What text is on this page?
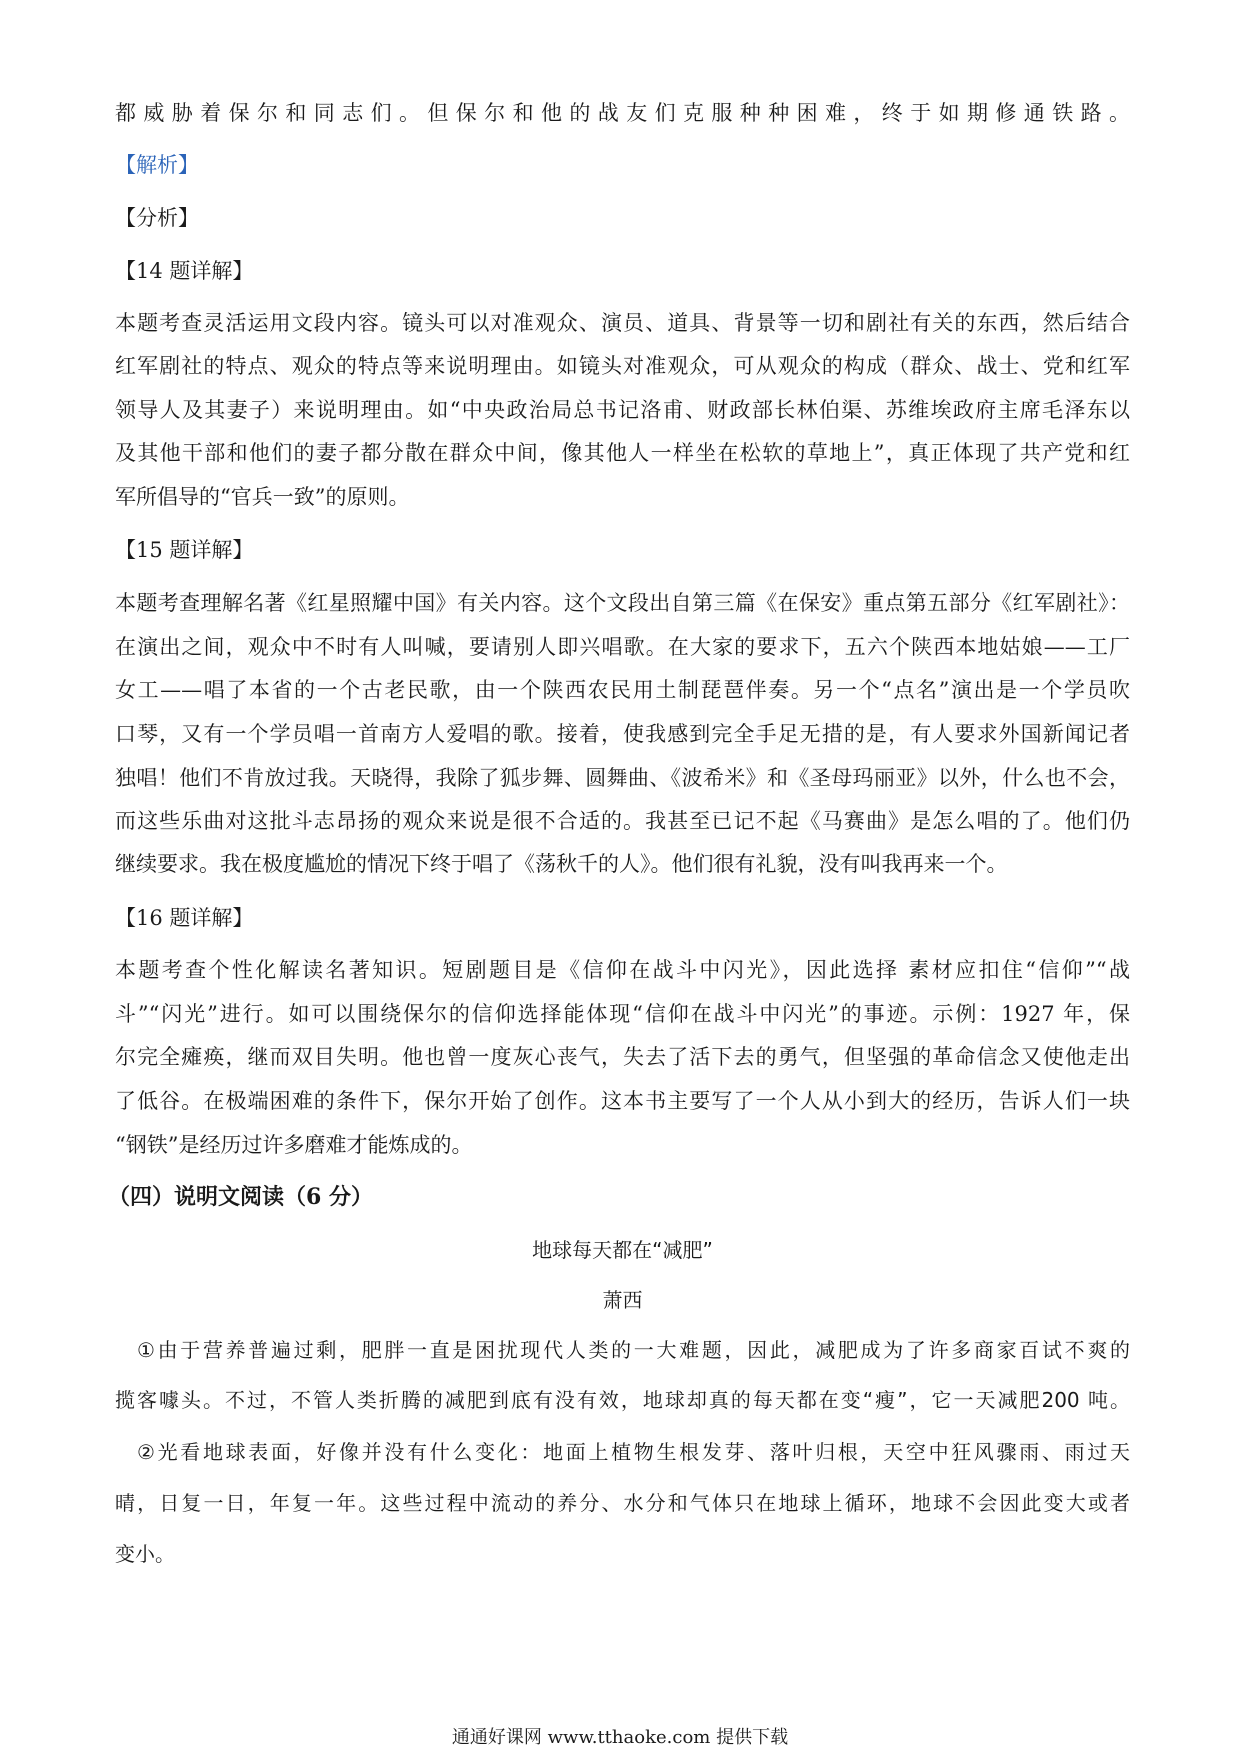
都威胁着保尔和同志们。但保尔和他的战友们克服种种困难，终于如期修通铁路。

【解析】

【分析】

【14 题详解】

本题考查灵活运用文段内容。镜头可以对准观众、演员、道具、背景等一切和剧社有关的东西，然后结合

红军剧社的特点、观众的特点等来说明理由。如镜头对准观众，可从观众的构成（群众、战士、党和红军

领导人及其妻子）来说明理由。如“中央政治局总书记洛甫、财政部长林伯渠、苏维埃政府主席毛泽东以

及其他干部和他们的妻子都分散在群众中间，像其他人一样坐在松软的草地上”，真正体现了共产党和红

军所倡导的“官兵一致”的原则。

【15 题详解】

本题考查理解名著《红星照耀中国》有关内容。这个文段出自第三篇《在保安》重点第五部分《红军剧社》：

在演出之间，观众中不时有人叫喊，要请别人即兴唱歌。在大家的要求下，五六个陕西本地姑娘——工厂

女工——唱了本省的一个古老民歌，由一个陕西农民用土制琵琶伴奏。另一个“点名”演出是一个学员吹

口琴，又有一个学员唱一首南方人爱唱的歌。接着，使我感到完全手足无措的是，有人要求外国新闻记者

独唱！他们不肯放过我。天晓得，我除了狐步舞、圆舞曲、《波希米》和《圣母玛丽亚》以外，什么也不会，

而这些乐曲对这批斗志昂扬的观众来说是很不合适的。我甚至已记不起《马赛曲》是怎么唱的了。他们仍

继续要求。我在极度尴尬的情况下终于唱了《荡秋千的人》。他们很有礼貌，没有叫我再来一个。

【16 题详解】

本题考查个性化解读名著知识。短剧题目是《信仰在战斗中闪光》，因此选择 素材应扣住“信仰”“战

斗”“闪光”进行。如可以围绕保尔的信仰选择能体现“信仰在战斗中闪光”的事迹。示例：1927 年，保

尔完全瘫痪，继而双目失明。他也曾一度灰心丧气，失去了活下去的勇气，但坚强的革命信念又使他走出

了低谷。在极端困难的条件下，保尔开始了创作。这本书主要写了一个人从小到大的经历，告诉人们一块

“钢铁”是经历过许多磨难才能炼成的。

（四）说明文阅读（6 分）

地球每天都在“减肥”

萧西

①由于营养普遍过剩，肥胖一直是困扰现代人类的一大难题，因此，减肥成为了许多商家百试不爽的

揽客噱头。不过，不管人类折腾的减肥到底有没有效，地球却真的每天都在变“瘦”，它一天减肥200 吨。

②光看地球表面，好像并没有什么变化：地面上植物生根发芽、落叶归根，天空中狂风骤雨、雨过天

晴，日复一日，年复一年。这些过程中流动的养分、水分和气体只在地球上循环，地球不会因此变大或者

变小。

通通好课网 www.tthaoke.com 提供下载
